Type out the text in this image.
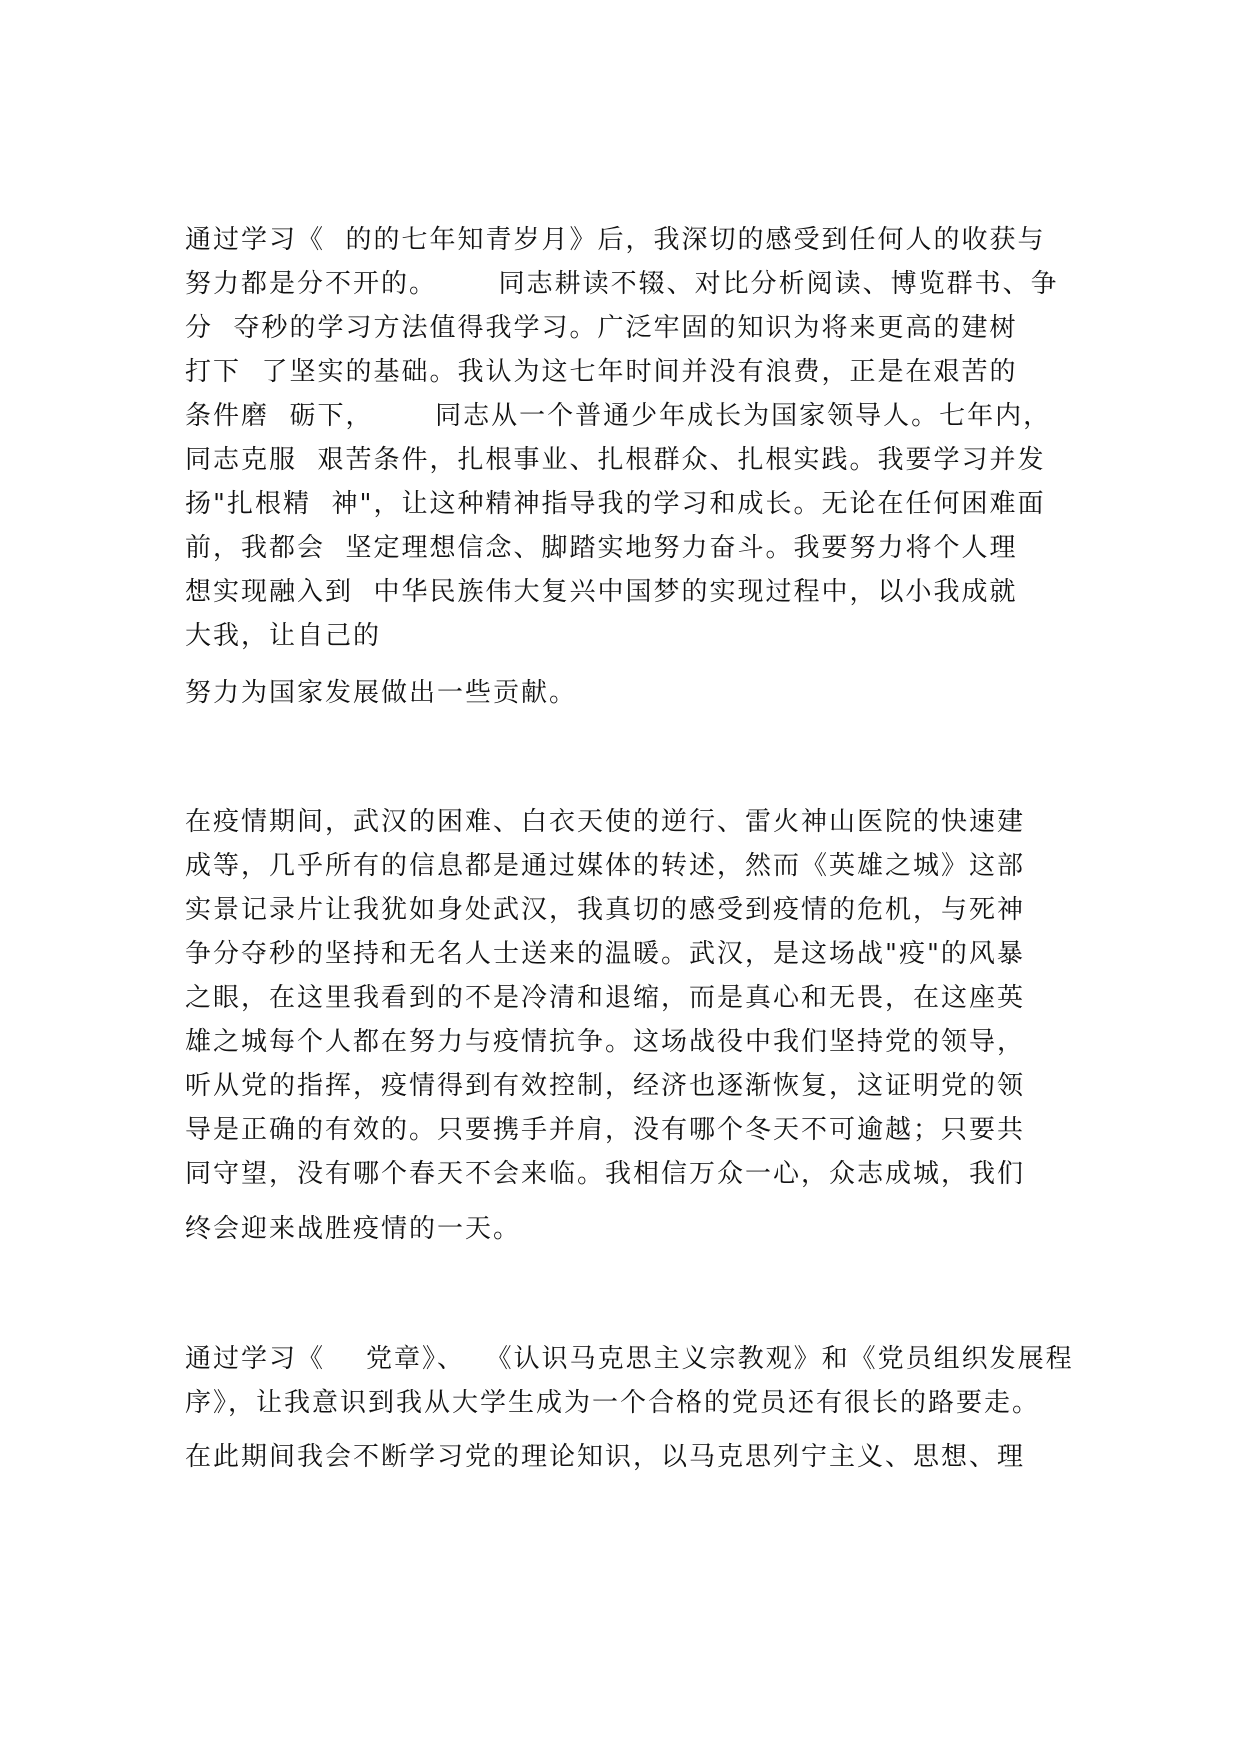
通过学习《  的的七年知青岁月》后，我深切的感受到任何人的收获与

努力都是分不开的。      同志耕读不辍、对比分析阅读、博览群书、争

分  夺秒的学习方法值得我学习。广泛牢固的知识为将来更高的建树

打下  了坚实的基础。我认为这七年时间并没有浪费，正是在艰苦的

条件磨  砺下，      同志从一个普通少年成长为国家领导人。七年内，

同志克服  艰苦条件，扎根事业、扎根群众、扎根实践。我要学习并发

扬"扎根精  神"，让这种精神指导我的学习和成长。无论在任何困难面

前，我都会  坚定理想信念、脚踏实地努力奋斗。我要努力将个人理

想实现融入到  中华民族伟大复兴中国梦的实现过程中，以小我成就

大我，让自己的

努力为国家发展做出一些贡献。

在疫情期间，武汉的困难、白衣天使的逆行、雷火神山医院的快速建

成等，几乎所有的信息都是通过媒体的转述，然而《英雄之城》这部

实景记录片让我犹如身处武汉，我真切的感受到疫情的危机，与死神

争分夺秒的坚持和无名人士送来的温暖。武汉，是这场战"疫"的风暴

之眼，在这里我看到的不是冷清和退缩，而是真心和无畏，在这座英

雄之城每个人都在努力与疫情抗争。这场战役中我们坚持党的领导，

听从党的指挥，疫情得到有效控制，经济也逐渐恢复，这证明党的领

导是正确的有效的。只要携手并肩，没有哪个冬天不可逾越；只要共

同守望，没有哪个春天不会来临。我相信万众一心，众志成城，我们

终会迎来战胜疫情的一天。

通过学习《    党章》、  《认识马克思主义宗教观》和《党员组织发展程

序》，让我意识到我从大学生成为一个合格的党员还有很长的路要走。

在此期间我会不断学习党的理论知识，以马克思列宁主义、思想、理
